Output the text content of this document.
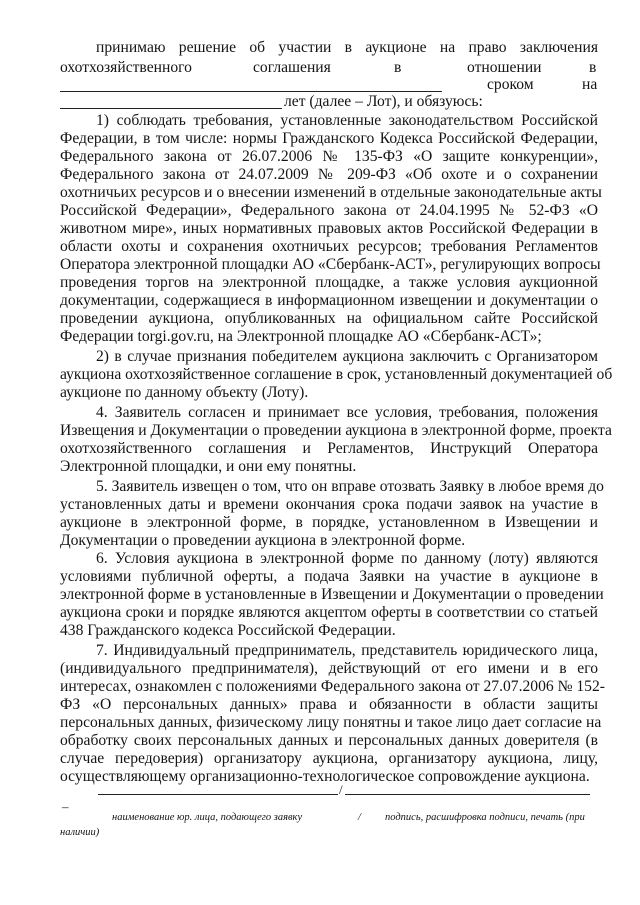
принимаю решение об участии в аукционе на право заключения
охотхозяйственного	соглашения	в	отношении	в
сроком	на
лет (далее – Лот), и обязуюсь:
1) соблюдать требования, установленные законодательством Российской
Федерации, в том числе: нормы Гражданского Кодекса Российской Федерации,
Федерального закона от 26.07.2006 № 135-ФЗ «О защите конкуренции»,
Федерального закона от 24.07.2009 № 209-ФЗ «Об охоте и о сохранении
охотничьих ресурсов и о внесении изменений в отдельные законодательные акты
Российской Федерации», Федерального закона от 24.04.1995 № 52-ФЗ «О
животном мире», иных нормативных правовых актов Российской Федерации в
области охоты и сохранения охотничьих ресурсов; требования Регламентов
Оператора электронной площадки АО «Сбербанк-АСТ», регулирующих вопросы
проведения торгов на электронной площадке, а также условия аукционной
документации, содержащиеся в информационном извещении и документации о
проведении аукциона, опубликованных на официальном сайте Российской
Федерации torgi.gov.ru, на Электронной площадке АО «Сбербанк-АСТ»;
2) в случае признания победителем аукциона заключить с Организатором
аукциона охотхозяйственное соглашение в срок, установленный документацией об
аукционе по данному объекту (Лоту).
4. Заявитель согласен и принимает все условия, требования, положения
Извещения и Документации о проведении аукциона в электронной форме, проекта
охотхозяйственного соглашения и Регламентов, Инструкций Оператора
Электронной площадки, и они ему понятны.
5. Заявитель извещен о том, что он вправе отозвать Заявку в любое время до
установленных даты и времени окончания срока подачи заявок на участие в
аукционе в электронной форме, в порядке, установленном в Извещении и
Документации о проведении аукциона в электронной форме.
6. Условия аукциона в электронной форме по данному (лоту) являются
условиями публичной оферты, а подача Заявки на участие в аукционе в
электронной форме в установленные в Извещении и Документации о проведении
аукциона сроки и порядке являются акцептом оферты в соответствии со статьей
438 Гражданского кодекса Российской Федерации.
7. Индивидуальный предприниматель, представитель юридического лица,
(индивидуального предпринимателя), действующий от его имени и в его
интересах, ознакомлен с положениями Федерального закона от 27.07.2006 № 152-
ФЗ «О персональных данных» права и обязанности в области защиты
персональных данных, физическому лицу понятны и такое лицо дает согласие на
обработку своих персональных данных и персональных данных доверителя (в
случае передоверия) организатору аукциона, организатору аукциона, лицу,
осуществляющему организационно-технологическое сопровождение аукциона.
/
–
наименование юр. лица, подающего заявку	/ подпись, расшифровка подписи, печать (при
наличии)
